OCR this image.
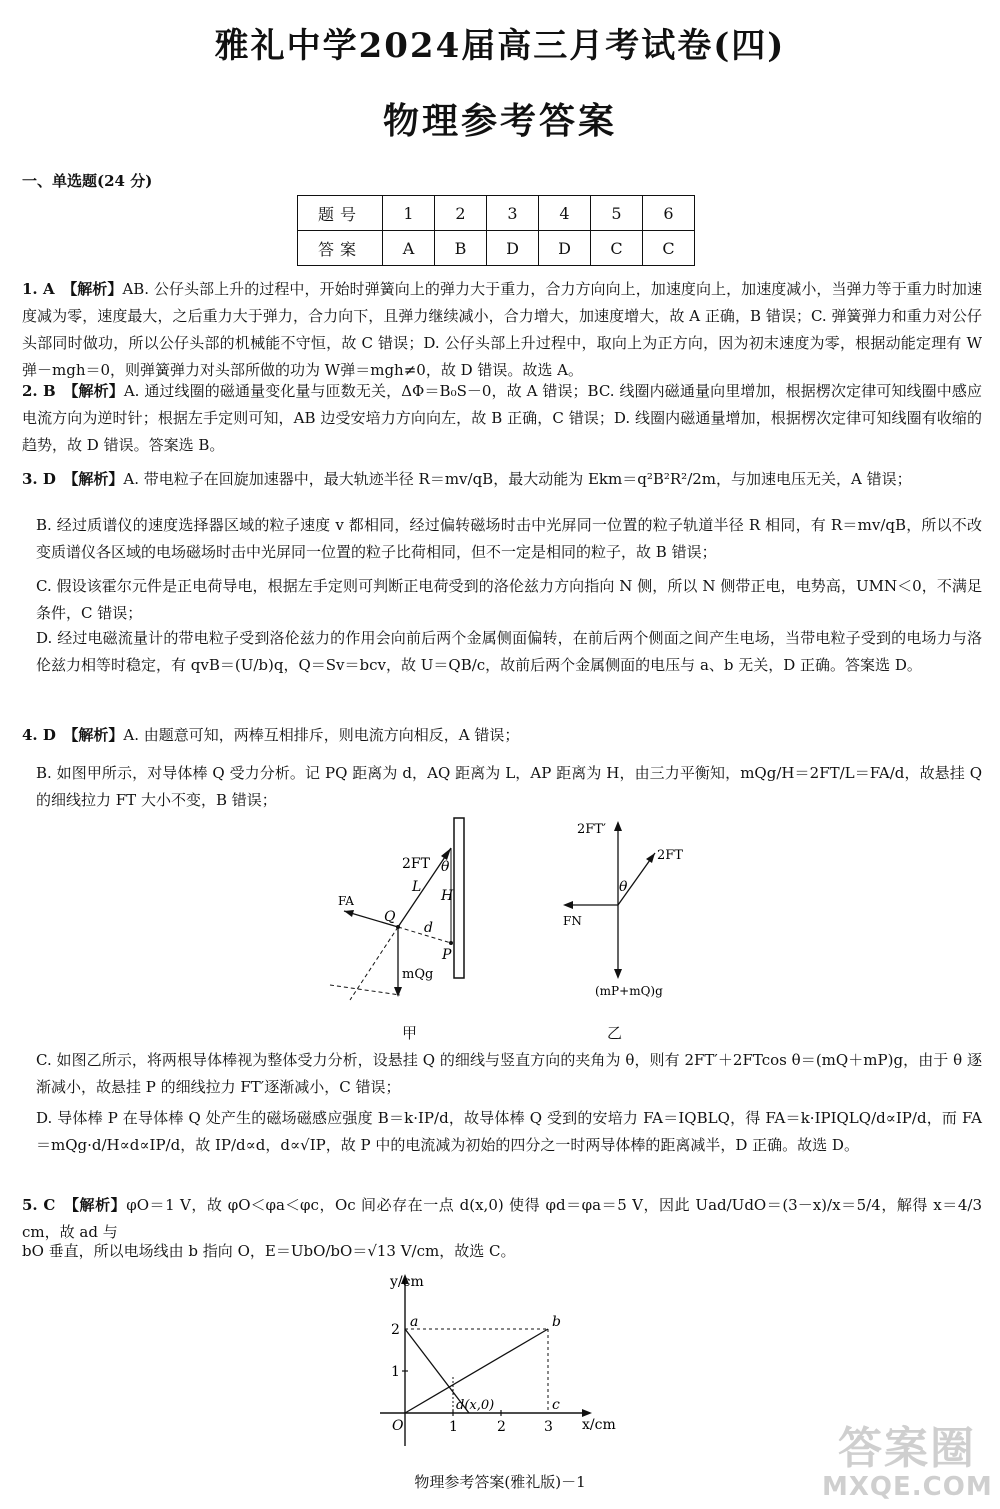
雅礼中学2024届高三月考试卷(四)
物理参考答案
一、单选题(24 分)
题号	1	2	3	4	5	6
答案	A	B	D	D	C	C
1. A　【解析】AB. 公仔头部上升的过程中，开始时弹簧向上的弹力大于重力，合力方向向上，加速度向上，加速度减小，当弹力等于重力时加速度减为零，速度最大，之后重力大于弹力，合力向下，且弹力继续减小，合力增大，加速度增大，故 A 正确，B 错误；C. 弹簧弹力和重力对公仔头部同时做功，所以公仔头部的机械能不守恒，故 C 错误；D. 公仔头部上升过程中，取向上为正方向，因为初末速度为零，根据动能定理有 W弹－mgh＝0，则弹簧弹力对头部所做的功为 W弹＝mgh≠0，故 D 错误。故选 A。
2. B　【解析】A. 通过线圈的磁通量变化量与匝数无关，ΔΦ＝B₀S－0，故 A 错误；BC. 线圈内磁通量向里增加，根据楞次定律可知线圈中感应电流方向为逆时针；根据左手定则可知，AB 边受安培力方向向左，故 B 正确，C 错误；D. 线圈内磁通量增加，根据楞次定律可知线圈有收缩的趋势，故 D 错误。答案选 B。
3. D　【解析】A. 带电粒子在回旋加速器中，最大轨迹半径 R＝mv/qB，最大动能为 Ekm＝q²B²R²/2m，与加速电压无关，A 错误；
B. 经过质谱仪的速度选择器区域的粒子速度 v 都相同，经过偏转磁场时击中光屏同一位置的粒子轨道半径 R 相同，有 R＝mv/qB，所以不改变质谱仪各区域的电场磁场时击中光屏同一位置的粒子比荷相同，但不一定是相同的粒子，故 B 错误；
C. 假设该霍尔元件是正电荷导电，根据左手定则可判断正电荷受到的洛伦兹力方向指向 N 侧，所以 N 侧带正电，电势高，UMN＜0，不满足条件，C 错误；
D. 经过电磁流量计的带电粒子受到洛伦兹力的作用会向前后两个金属侧面偏转，在前后两个侧面之间产生电场，当带电粒子受到的电场力与洛伦兹力相等时稳定，有 qvB＝(U/b)q，Q＝Sv＝bcv，故 U＝QB/c，故前后两个金属侧面的电压与 a、b 无关，D 正确。答案选 D。
4. D　【解析】A. 由题意可知，两棒互相排斥，则电流方向相反，A 错误；
B. 如图甲所示，对导体棒 Q 受力分析。记 PQ 距离为 d，AQ 距离为 L，AP 距离为 H，由三力平衡知，mQg/H＝2FT/L＝FA/d，故悬挂 Q 的细线拉力 FT 大小不变，B 错误；
2FT θ
L
H
FA
Q
d
P
mQg
甲
2FT′
2FT
θ
FN
(mP+mQ)g
乙
C. 如图乙所示，将两根导体棒视为整体受力分析，设悬挂 Q 的细线与竖直方向的夹角为 θ，则有 2FT′＋2FTcos θ＝(mQ＋mP)g，由于 θ 逐渐减小，故悬挂 P 的细线拉力 FT′逐渐减小，C 错误；
D. 导体棒 P 在导体棒 Q 处产生的磁场磁感应强度 B＝k·IP/d，故导体棒 Q 受到的安培力 FA＝IQBLQ，得 FA＝k·IPIQLQ/d∝IP/d，而 FA＝mQg·d/H∝d∝IP/d，故 IP/d∝d，d∝√IP，故 P 中的电流减为初始的四分之一时两导体棒的距离减半，D 正确。故选 D。
5. C　【解析】φO＝1 V，故 φO＜φa＜φc，Oc 间必存在一点 d(x,0) 使得 φd＝φa＝5 V，因此 Uad/UdO＝(3－x)/x＝5/4，解得 x＝4/3 cm，故 ad 与
bO 垂直，所以电场线由 b 指向 O，E＝UbO/bO＝√13 V/cm，故选 C。
y/cm
x/cm
a	b
c
O
d(x,0)
1	2	3
1
2
物理参考答案(雅礼版)－1
答案圈
MXQE.COM
